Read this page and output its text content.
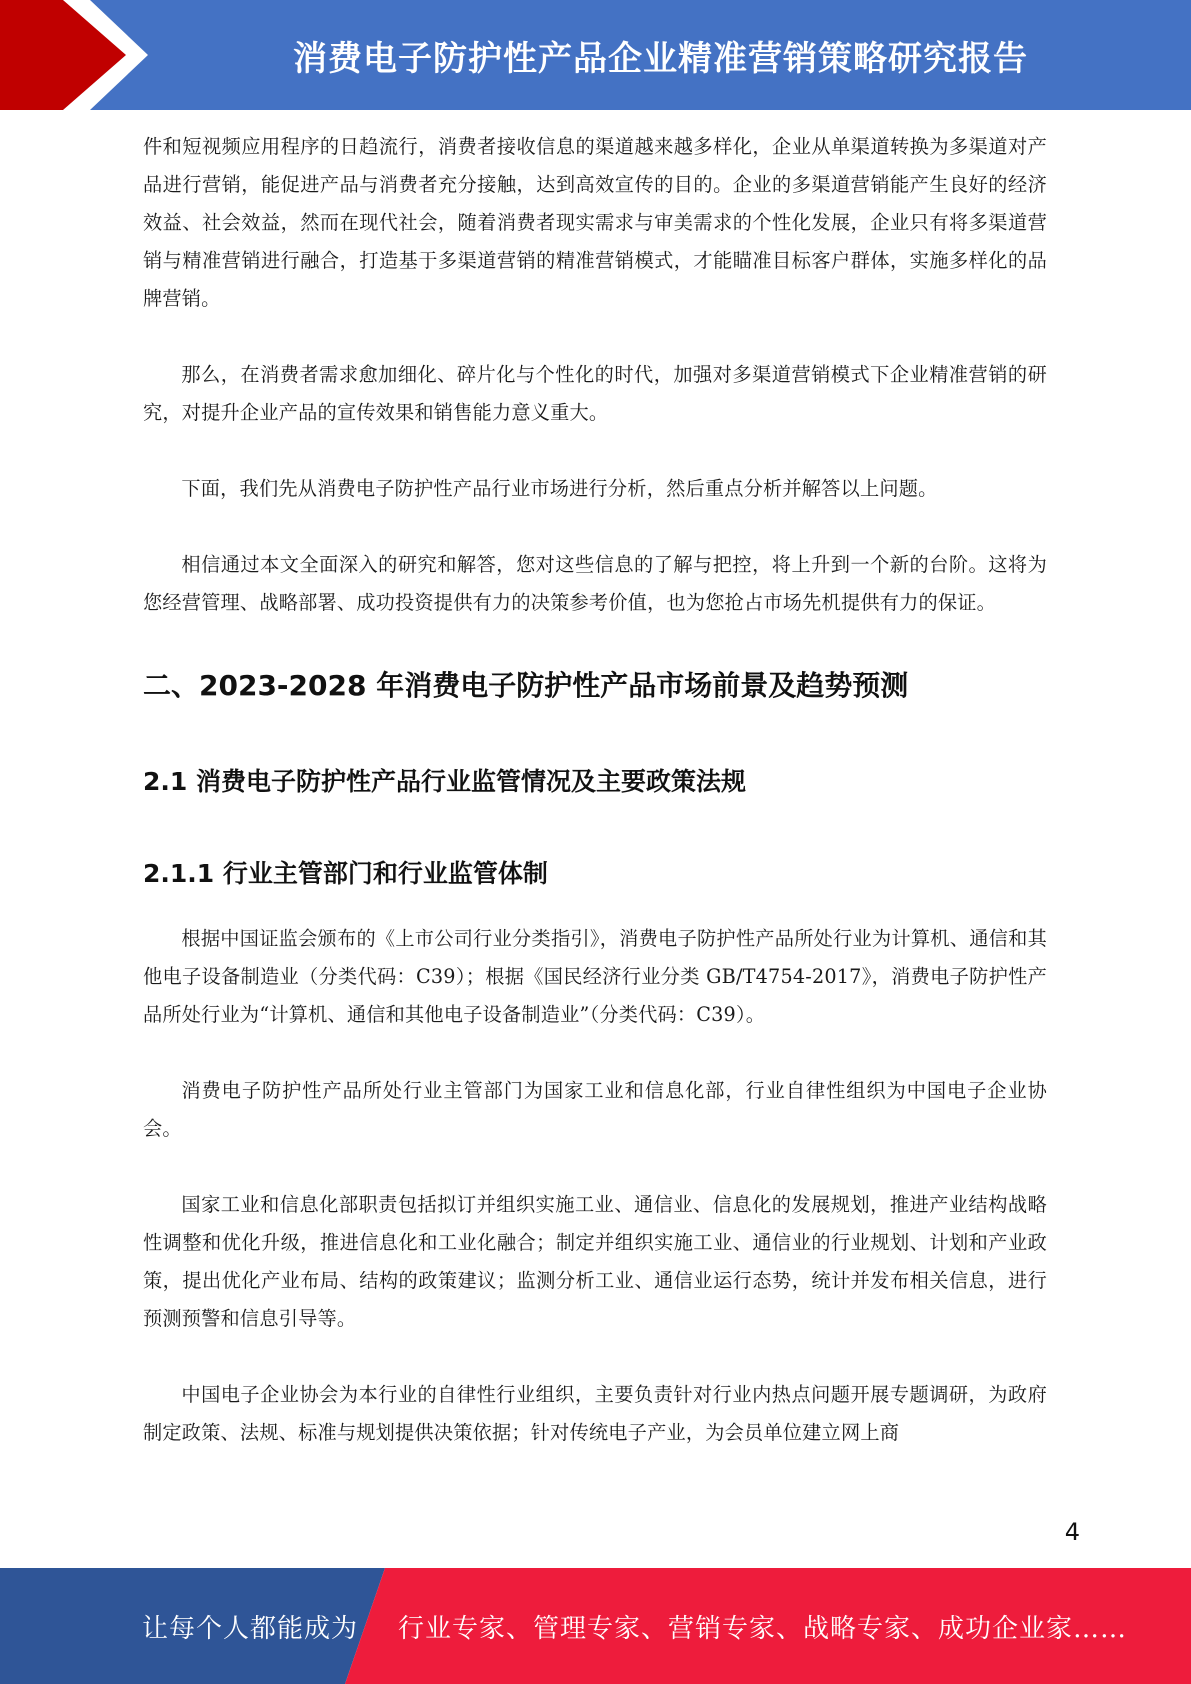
消费电子防护性产品企业精准营销策略研究报告

件和短视频应用程序的日趋流行，消费者接收信息的渠道越来越多样化，企业从单渠道转换为多渠道对产品进行营销，能促进产品与消费者充分接触，达到高效宣传的目的。企业的多渠道营销能产生良好的经济效益、社会效益，然而在现代社会，随着消费者现实需求与审美需求的个性化发展，企业只有将多渠道营销与精准营销进行融合，打造基于多渠道营销的精准营销模式，才能瞄准目标客户群体，实施多样化的品牌营销。

那么，在消费者需求愈加细化、碎片化与个性化的时代，加强对多渠道营销模式下企业精准营销的研究，对提升企业产品的宣传效果和销售能力意义重大。

下面，我们先从消费电子防护性产品行业市场进行分析，然后重点分析并解答以上问题。

相信通过本文全面深入的研究和解答，您对这些信息的了解与把控，将上升到一个新的台阶。这将为您经营管理、战略部署、成功投资提供有力的决策参考价值，也为您抢占市场先机提供有力的保证。

二、2023-2028 年消费电子防护性产品市场前景及趋势预测
2.1 消费电子防护性产品行业监管情况及主要政策法规
2.1.1 行业主管部门和行业监管体制

根据中国证监会颁布的《上市公司行业分类指引》，消费电子防护性产品所处行业为计算机、通信和其他电子设备制造业（分类代码：C39）；根据《国民经济行业分类 GB/T4754-2017》，消费电子防护性产品所处行业为“计算机、通信和其他电子设备制造业”（分类代码：C39）。

消费电子防护性产品所处行业主管部门为国家工业和信息化部，行业自律性组织为中国电子企业协会。

国家工业和信息化部职责包括拟订并组织实施工业、通信业、信息化的发展规划，推进产业结构战略性调整和优化升级，推进信息化和工业化融合；制定并组织实施工业、通信业的行业规划、计划和产业政策，提出优化产业布局、结构的政策建议；监测分析工业、通信业运行态势，统计并发布相关信息，进行预测预警和信息引导等。

中国电子企业协会为本行业的自律性行业组织，主要负责针对行业内热点问题开展专题调研，为政府制定政策、法规、标准与规划提供决策依据；针对传统电子产业，为会员单位建立网上商

4
让每个人都能成为 行业专家、管理专家、营销专家、战略专家、成功企业家……
